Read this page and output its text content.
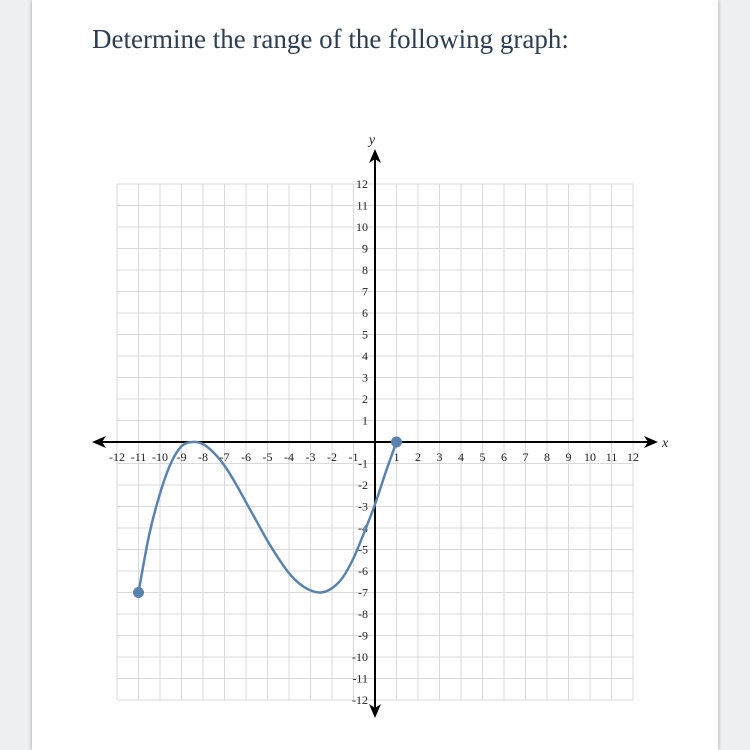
Determine the range of the following graph:
x
y
-12 -11 -10 -9 -8 -7 -6 -5 -4 -3 -2 -1	1 2 3 4 5 6 7 8 9 10 11 12
12
11
10
9
8
7
6
5
4
3
2
1
-1
-2
-3
-4
-5
-6
-7
-8
-9
-10
-11
-12
